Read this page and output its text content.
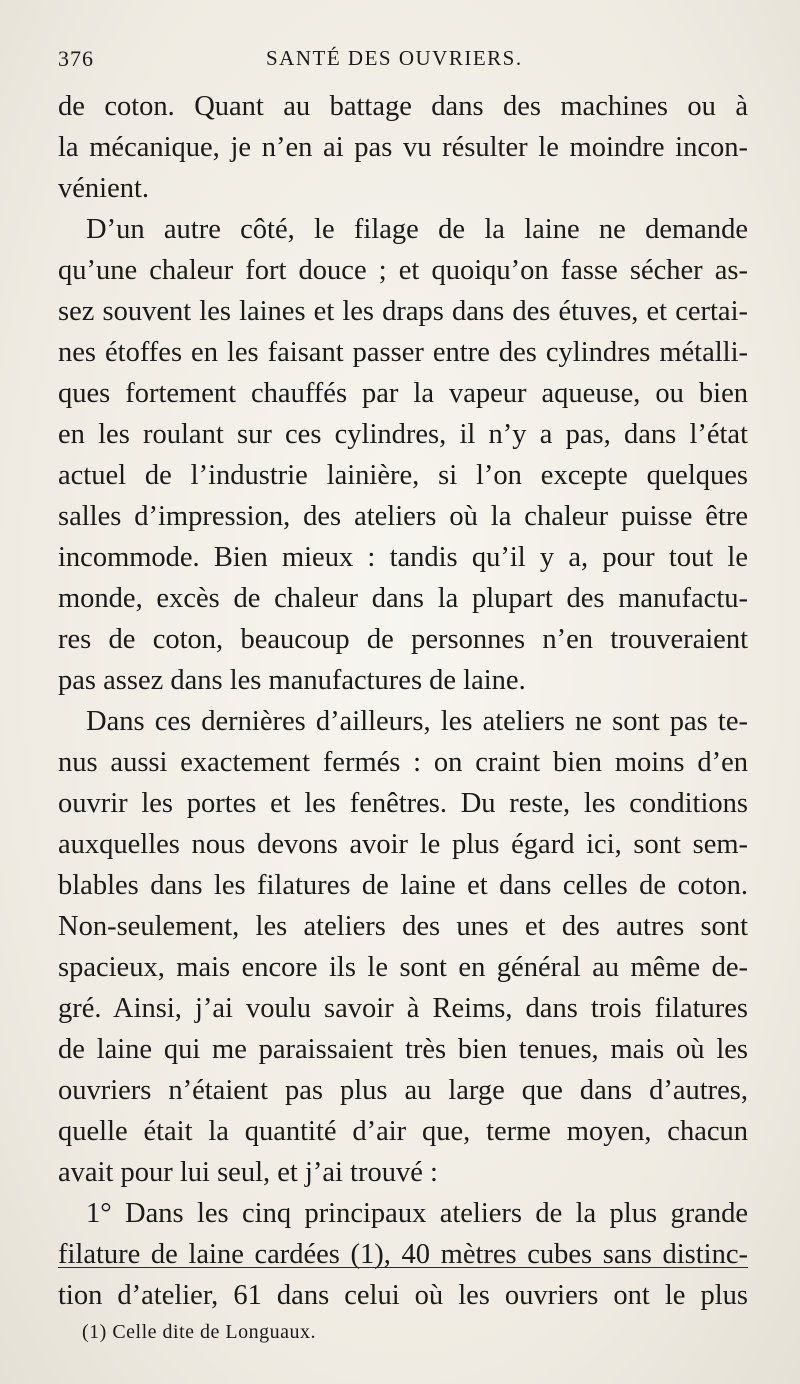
376	SANTÉ DES OUVRIERS.
de coton. Quant au battage dans des machines ou à
la mécanique, je n’en ai pas vu résulter le moindre incon-
vénient.
D’un autre côté, le filage de la laine ne demande
qu’une chaleur fort douce ; et quoiqu’on fasse sécher as-
sez souvent les laines et les draps dans des étuves, et certai-
nes étoffes en les faisant passer entre des cylindres métalli-
ques fortement chauffés par la vapeur aqueuse, ou bien
en les roulant sur ces cylindres, il n’y a pas, dans l’état
actuel de l’industrie lainière, si l’on excepte quelques
salles d’impression, des ateliers où la chaleur puisse être
incommode. Bien mieux : tandis qu’il y a, pour tout le
monde, excès de chaleur dans la plupart des manufactu-
res de coton, beaucoup de personnes n’en trouveraient
pas assez dans les manufactures de laine.
Dans ces dernières d’ailleurs, les ateliers ne sont pas te-
nus aussi exactement fermés : on craint bien moins d’en
ouvrir les portes et les fenêtres. Du reste, les conditions
auxquelles nous devons avoir le plus égard ici, sont sem-
blables dans les filatures de laine et dans celles de coton.
Non-seulement, les ateliers des unes et des autres sont
spacieux, mais encore ils le sont en général au même de-
gré. Ainsi, j’ai voulu savoir à Reims, dans trois filatures
de laine qui me paraissaient très bien tenues, mais où les
ouvriers n’étaient pas plus au large que dans d’autres,
quelle était la quantité d’air que, terme moyen, chacun
avait pour lui seul, et j’ai trouvé :
1° Dans les cinq principaux ateliers de la plus grande
filature de laine cardées (1), 40 mètres cubes sans distinc-
tion d’atelier, 61 dans celui où les ouvriers ont le plus
(1) Celle dite de Longuaux.
